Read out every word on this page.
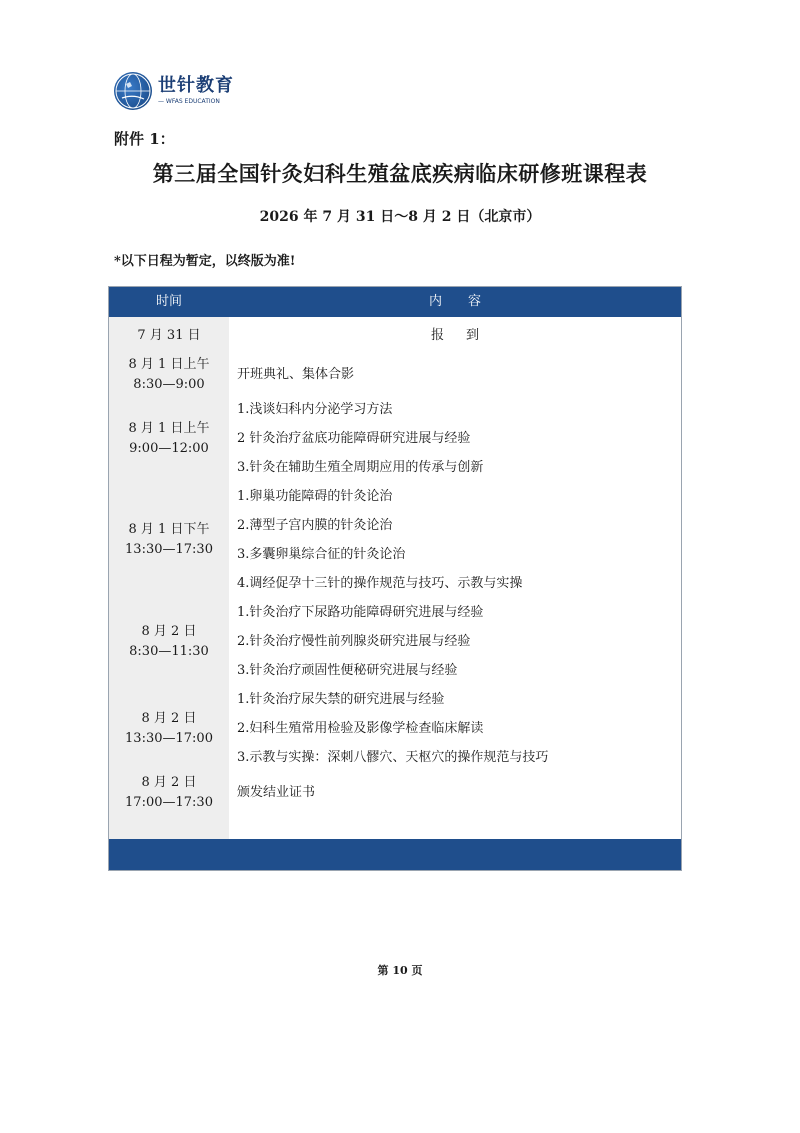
世针教育
— WFAS EDUCATION
附件 1：
第三届全国针灸妇科生殖盆底疾病临床研修班课程表
2026 年 7 月 31 日～8 月 2 日（北京市）
*以下日程为暂定，以终版为准!
时间	内容
7 月 31 日	报到
8 月 1 日上午
8:30—9:00
开班典礼、集体合影
8 月 1 日上午
9:00—12:00
1.浅谈妇科内分泌学习方法
2 针灸治疗盆底功能障碍研究进展与经验
3.针灸在辅助生殖全周期应用的传承与创新
8 月 1 日下午
13:30—17:30
1.卵巢功能障碍的针灸论治
2.薄型子宫内膜的针灸论治
3.多囊卵巢综合征的针灸论治
4.调经促孕十三针的操作规范与技巧、示教与实操
8 月 2 日
8:30—11:30
1.针灸治疗下尿路功能障碍研究进展与经验
2.针灸治疗慢性前列腺炎研究进展与经验
3.针灸治疗顽固性便秘研究进展与经验
8 月 2 日
13:30—17:00
1.针灸治疗尿失禁的研究进展与经验
2.妇科生殖常用检验及影像学检查临床解读
3.示教与实操：深刺八髎穴、天枢穴的操作规范与技巧
8 月 2 日
17:00—17:30
颁发结业证书
第 10 页
